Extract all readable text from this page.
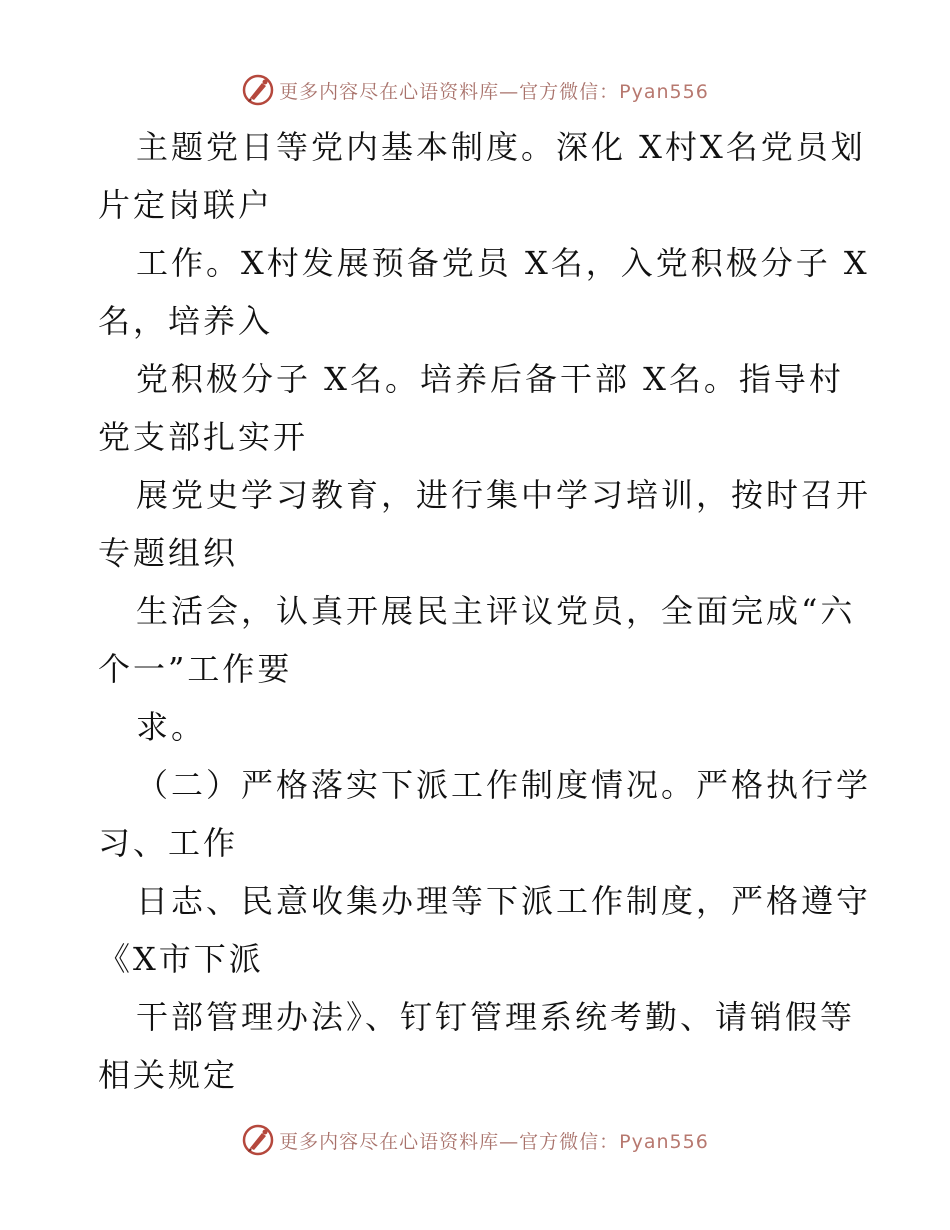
更多内容尽在心语资料库—官方微信：Pyan556
主题党日等党内基本制度。深化 X村X名党员划
片定岗联户
工作。X村发展预备党员 X名，入党积极分子 X
名，培养入
党积极分子 X名。培养后备干部 X名。指导村
党支部扎实开
展党史学习教育，进行集中学习培训，按时召开
专题组织
生活会，认真开展民主评议党员，全面完成“六
个一”工作要
求。
（二）严格落实下派工作制度情况。严格执行学
习、工作
日志、民意收集办理等下派工作制度，严格遵守
《X市下派
干部管理办法》、钉钉管理系统考勤、请销假等
相关规定
更多内容尽在心语资料库—官方微信：Pyan556
